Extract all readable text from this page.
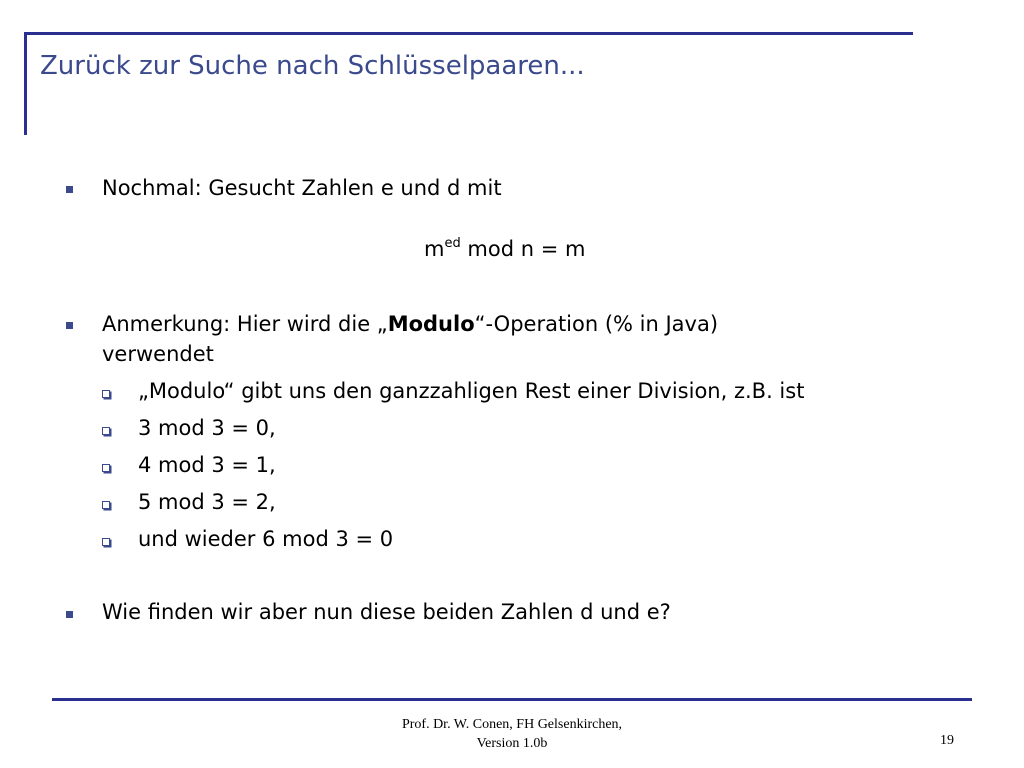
Zurück zur Suche nach Schlüsselpaaren...
Nochmal: Gesucht Zahlen e und d mit
$m^{ed}$ mod n = m
Anmerkung: Hier wird die „Modulo“-Operation (% in Java)
verwendet
„Modulo“ gibt uns den ganzzahligen Rest einer Division, z.B. ist
3 mod 3 = 0,
4 mod 3 = 1,
5 mod 3 = 2,
und wieder 6 mod 3 = 0
Wie finden wir aber nun diese beiden Zahlen d und e?
Prof. Dr. W. Conen, FH Gelsenkirchen,
Version 1.0b	19
